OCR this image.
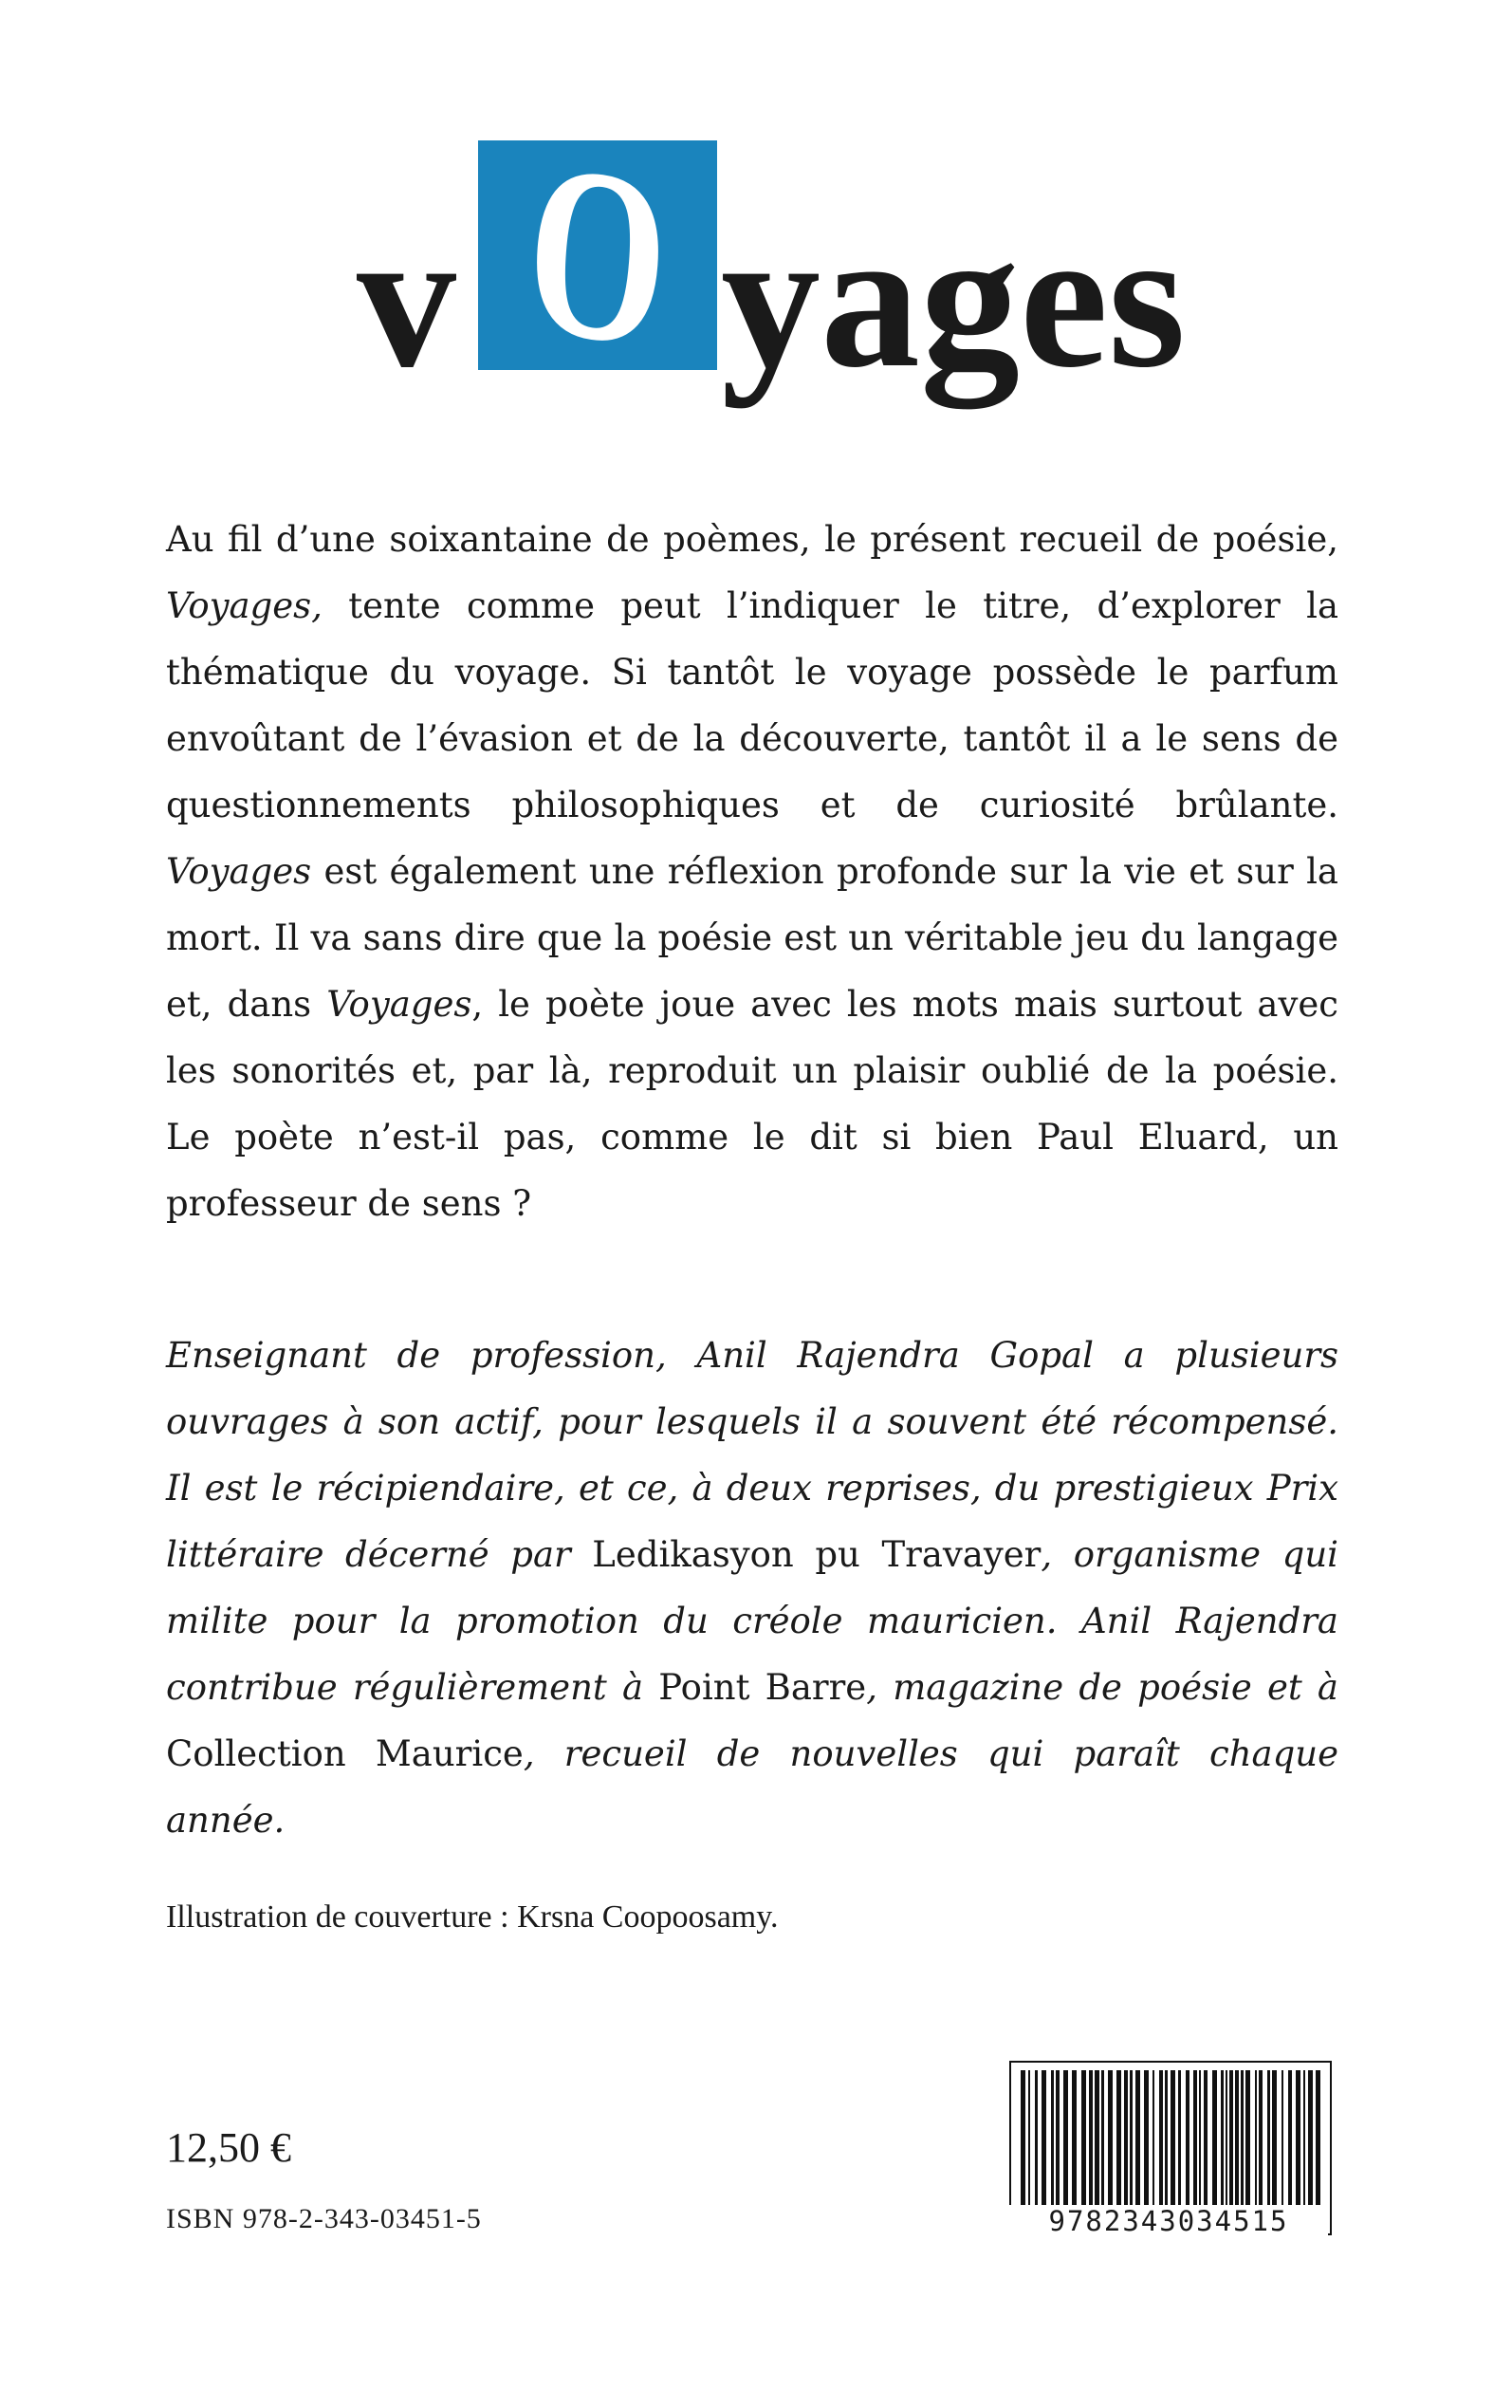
v O yages
Au fil d’une soixantaine de poèmes, le présent recueil de poésie, Voyages, tente comme peut l’indiquer le titre, d’explorer la thématique du voyage. Si tantôt le voyage possède le parfum envoûtant de l’évasion et de la découverte, tantôt il a le sens de questionnements philosophiques et de curiosité brûlante. Voyages est également une réflexion profonde sur la vie et sur la mort. Il va sans dire que la poésie est un véritable jeu du langage et, dans Voyages, le poète joue avec les mots mais surtout avec les sonorités et, par là, reproduit un plaisir oublié de la poésie. Le poète n’est-il pas, comme le dit si bien Paul Eluard, un professeur de sens ?
Enseignant de profession, Anil Rajendra Gopal a plusieurs ouvrages à son actif, pour lesquels il a souvent été récompensé. Il est le récipiendaire, et ce, à deux reprises, du prestigieux Prix littéraire décerné par Ledikasyon pu Travayer, organisme qui milite pour la promotion du créole mauricien. Anil Rajendra contribue régulièrement à Point Barre, magazine de poésie et à Collection Maurice, recueil de nouvelles qui paraît chaque année.
Illustration de couverture : Krsna Coopoosamy.
12,50 €
ISBN 978-2-343-03451-5	9782343034515
